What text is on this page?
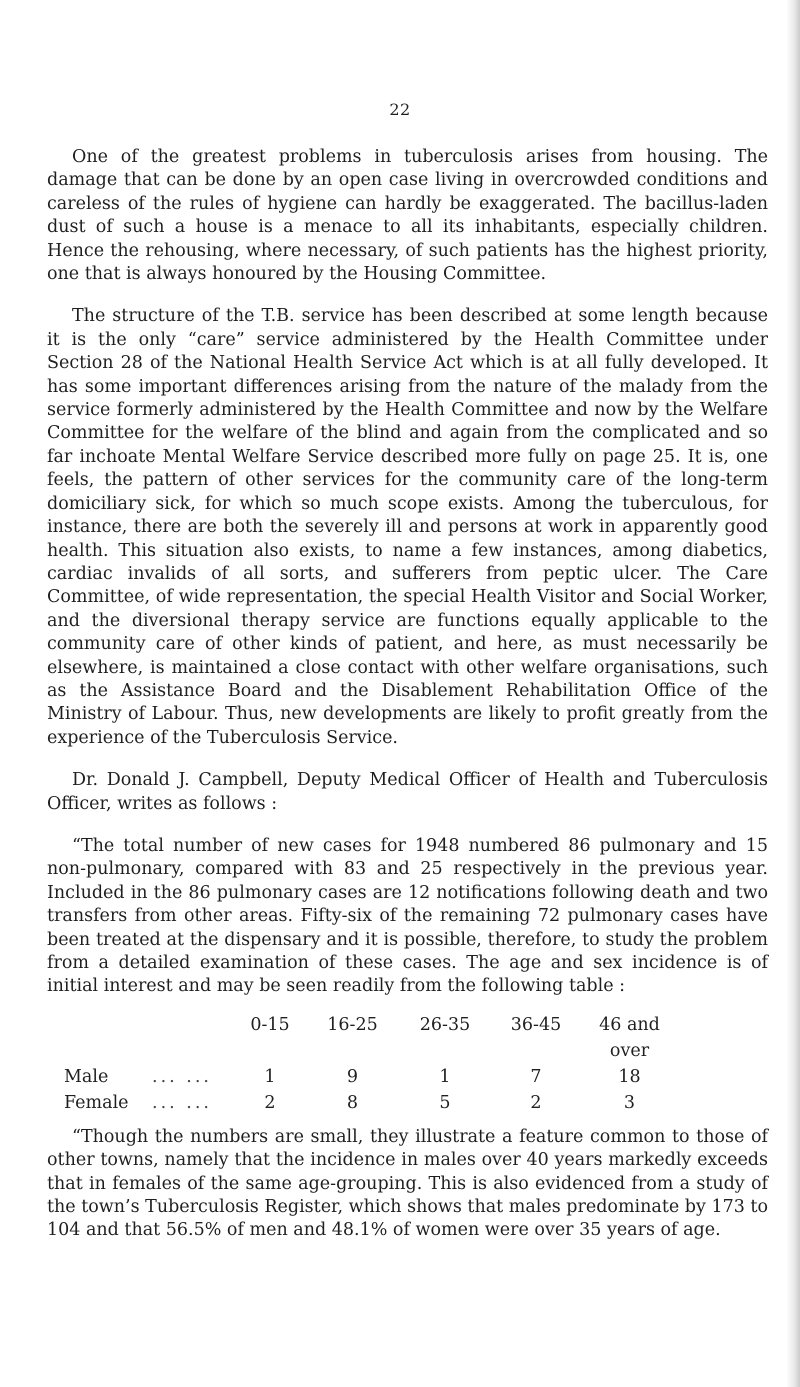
22

One of the greatest problems in tuberculosis arises from housing. The damage that can be done by an open case living in overcrowded conditions and careless of the rules of hygiene can hardly be exaggerated. The bacillus-laden dust of such a house is a menace to all its inhabitants, especially children. Hence the rehousing, where necessary, of such patients has the highest priority, one that is always honoured by the Housing Committee.

The structure of the T.B. service has been described at some length because it is the only “care” service administered by the Health Committee under Section 28 of the National Health Service Act which is at all fully developed. It has some important differences arising from the nature of the malady from the service formerly administered by the Health Committee and now by the Welfare Committee for the welfare of the blind and again from the complicated and so far inchoate Mental Welfare Service described more fully on page 25. It is, one feels, the pattern of other services for the community care of the long-term domiciliary sick, for which so much scope exists. Among the tuberculous, for instance, there are both the severely ill and persons at work in apparently good health. This situation also exists, to name a few instances, among diabetics, cardiac invalids of all sorts, and sufferers from peptic ulcer. The Care Committee, of wide representation, the special Health Visitor and Social Worker, and the diversional therapy service are functions equally applicable to the community care of other kinds of patient, and here, as must necessarily be elsewhere, is maintained a close contact with other welfare organisations, such as the Assistance Board and the Disablement Rehabilitation Office of the Ministry of Labour. Thus, new developments are likely to profit greatly from the experience of the Tuberculosis Service.

Dr. Donald J. Campbell, Deputy Medical Officer of Health and Tuberculosis Officer, writes as follows :

“The total number of new cases for 1948 numbered 86 pulmonary and 15 non-pulmonary, compared with 83 and 25 respectively in the previous year. Included in the 86 pulmonary cases are 12 notifications following death and two transfers from other areas. Fifty-six of the remaining 72 pulmonary cases have been treated at the dispensary and it is possible, therefore, to study the problem from a detailed examination of these cases. The age and sex incidence is of initial interest and may be seen readily from the following table :

0-15	16-25	26-35	36-45	46 and over
Male ... ...	1	9	1	7	18
Female ... ...	2	8	5	2	3

“Though the numbers are small, they illustrate a feature common to those of other towns, namely that the incidence in males over 40 years markedly exceeds that in females of the same age-grouping. This is also evidenced from a study of the town’s Tuberculosis Register, which shows that males predominate by 173 to 104 and that 56.5% of men and 48.1% of women were over 35 years of age.
